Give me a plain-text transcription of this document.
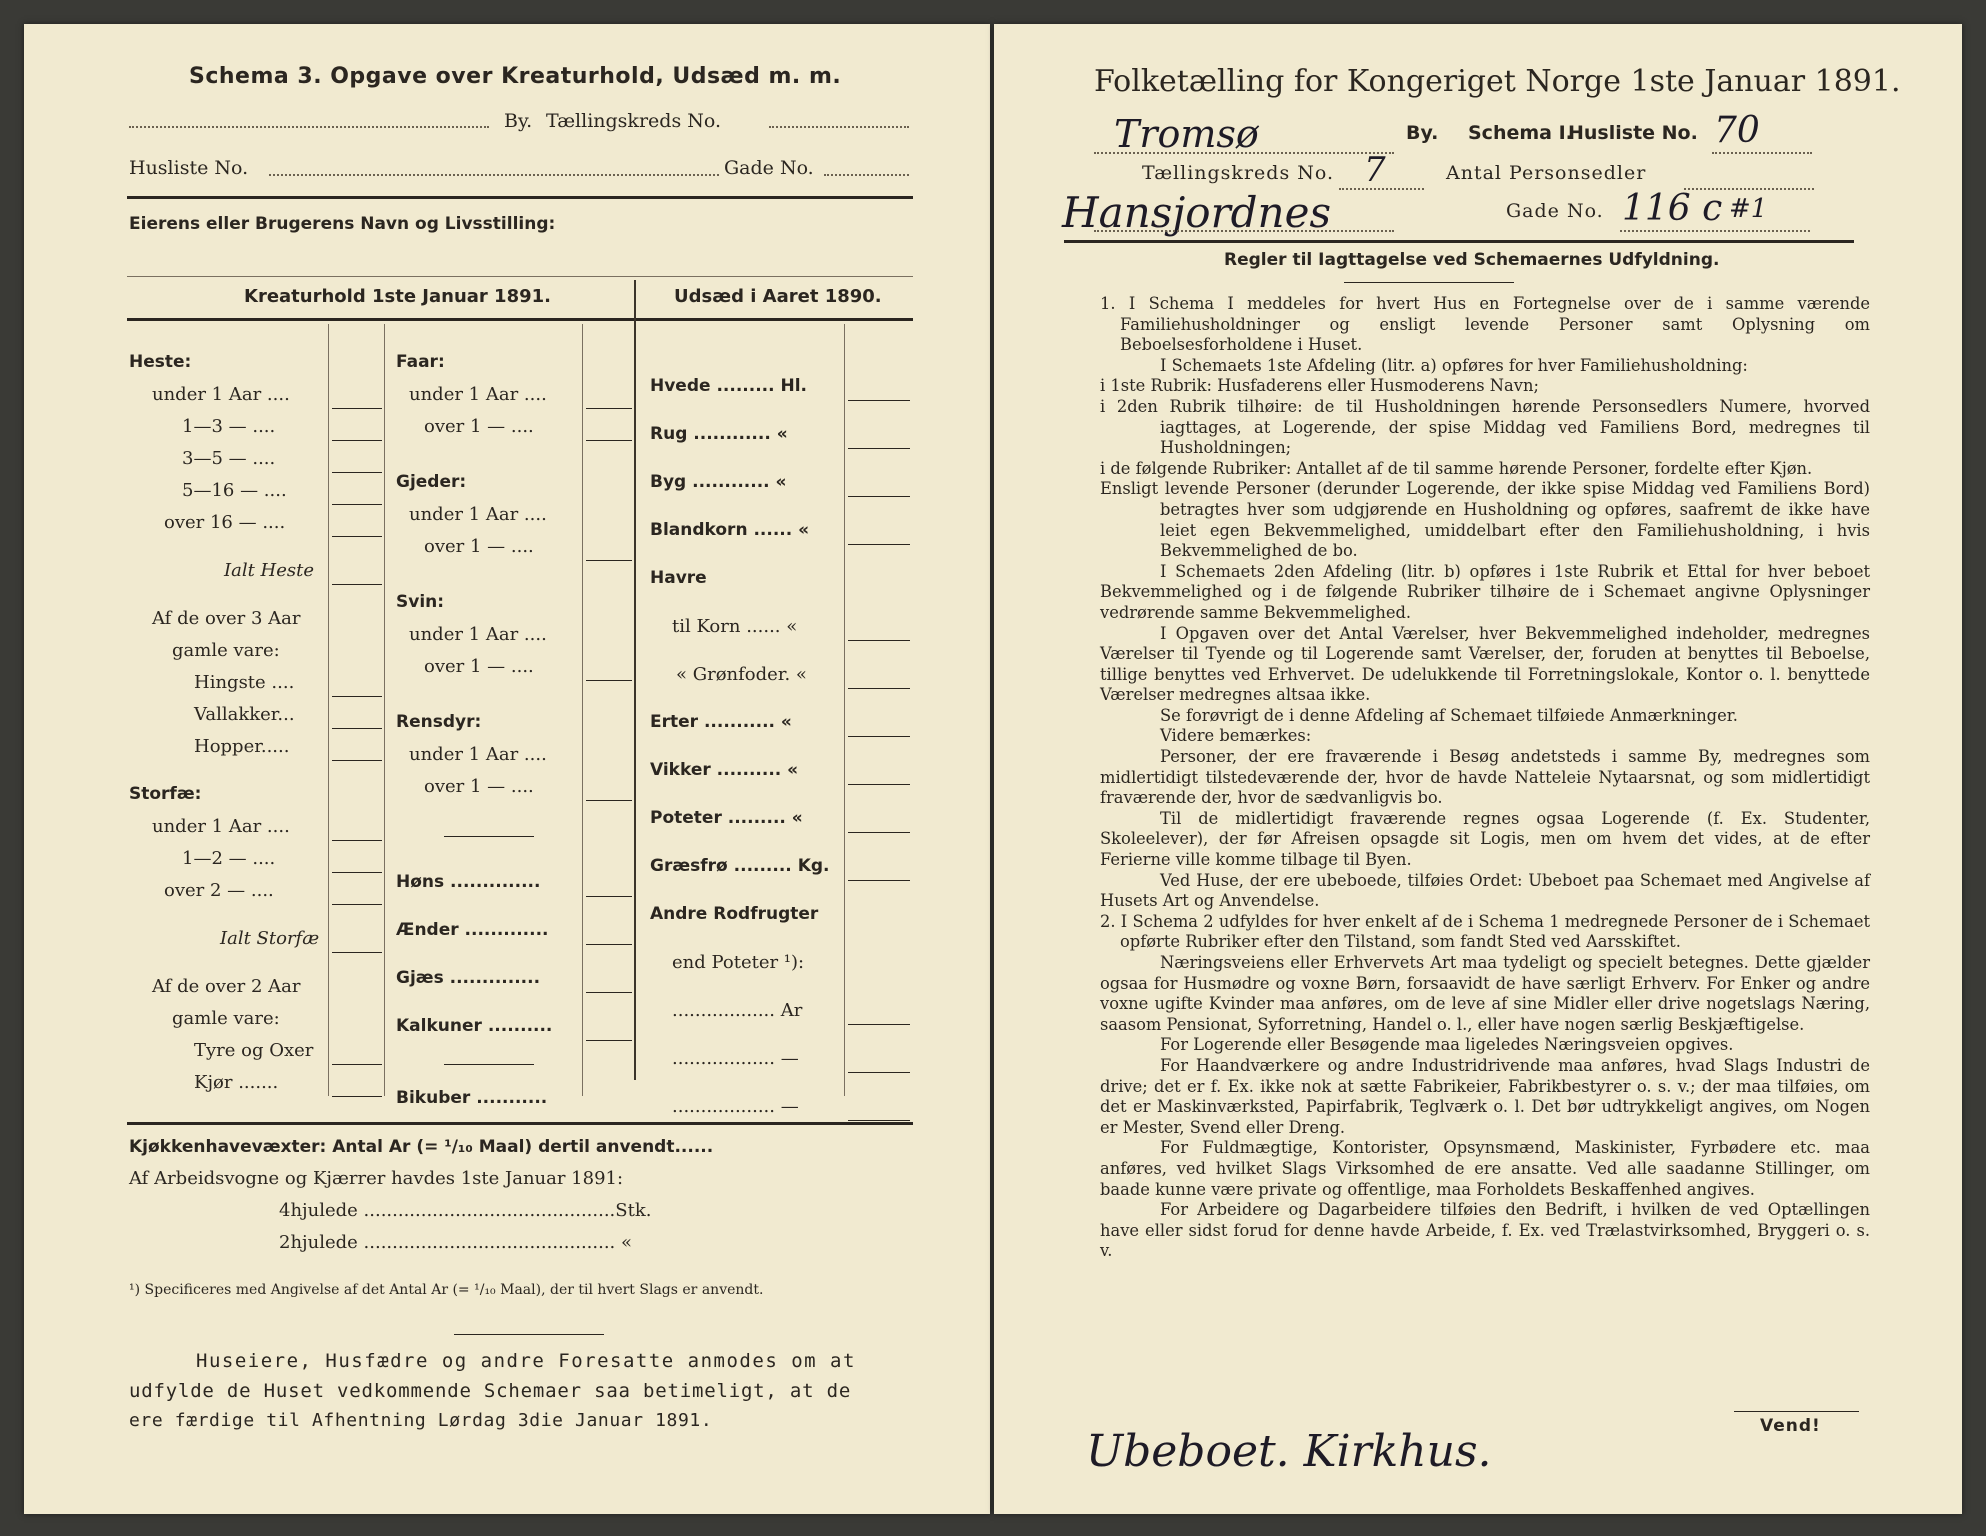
Schema 3. Opgave over Kreaturhold, Udsæd m. m.
By. Tællingskreds No.
Husliste No.	Gade No.
Eierens eller Brugerens Navn og Livsstilling:
Kreaturhold 1ste Januar 1891.	Udsæd i Aaret 1890.
Heste:
under 1 Aar ....
1—3 — ....
3—5 — ....
5—16 — ....
over 16 — ....
Ialt Heste
Af de over 3 Aar
gamle vare:
Hingste ....
Vallakker...
Hopper.....
Storfæ:
under 1 Aar ....
1—2 — ....
over 2 — ....
Ialt Storfæ
Af de over 2 Aar
gamle vare:
Tyre og Oxer
Kjør .......
Faar:
under 1 Aar ....
over 1 — ....
Gjeder:
under 1 Aar ....
over 1 — ....
Svin:
under 1 Aar ....
over 1 — ....
Rensdyr:
under 1 Aar ....
over 1 — ....
Høns ..............
Ænder .............
Gjæs ..............
Kalkuner ..........
Bikuber ...........
Hvede ......... Hl.
Rug ............ «
Byg ............ «
Blandkorn ...... «
Havre
til Korn ...... «
« Grønfoder. «
Erter ........... «
Vikker .......... «
Poteter ......... «
Græsfrø ......... Kg.
Andre Rodfrugter
end Poteter ¹):
.................. Ar
.................. —
.................. —
Kjøkkenhavevæxter: Antal Ar (= ¹/₁₀ Maal) dertil anvendt......
Af Arbeidsvogne og Kjærrer havdes 1ste Januar 1891:
4hjulede ............................................Stk.
2hjulede ............................................ «
¹) Specificeres med Angivelse af det Antal Ar (= ¹/₁₀ Maal), der til hvert Slags er anvendt.
Huseiere, Husfædre og andre Foresatte anmodes om at
udfylde de Huset vedkommende Schemaer saa betimeligt, at de
ere færdige til Afhentning Lørdag 3die Januar 1891.
Folketælling for Kongeriget Norge 1ste Januar 1891.
Tromsø	By. Schema I.
Husliste No. 70
Tællingskreds No. 7	Antal Personsedler
Hansjordnes	Gade No. 116 c #1
Regler til Iagttagelse ved Schemaernes Udfyldning.

1. I Schema I meddeles for hvert Hus en Fortegnelse over de i samme værende Familiehusholdninger og ensligt levende Personer samt Oplysning om Beboelsesforholdene i Huset.

I Schemaets 1ste Afdeling (litr. a) opføres for hver Familiehusholdning:

i 1ste Rubrik: Husfaderens eller Husmoderens Navn;

i 2den Rubrik tilhøire: de til Husholdningen hørende Personsedlers Numere, hvorved iagttages, at Logerende, der spise Middag ved Familiens Bord, medregnes til Husholdningen;

i de følgende Rubriker: Antallet af de til samme hørende Personer, fordelte efter Kjøn.

Ensligt levende Personer (derunder Logerende, der ikke spise Middag ved Familiens Bord) betragtes hver som udgjørende en Husholdning og opføres, saafremt de ikke have leiet egen Bekvemmelighed, umiddelbart efter den Familiehusholdning, i hvis Bekvemmelighed de bo.

I Schemaets 2den Afdeling (litr. b) opføres i 1ste Rubrik et Ettal for hver beboet Bekvemmelighed og i de følgende Rubriker tilhøire de i Schemaet angivne Oplysninger vedrørende samme Bekvemmelighed.

I Opgaven over det Antal Værelser, hver Bekvemmelighed indeholder, medregnes Værelser til Tyende og til Logerende samt Værelser, der, foruden at benyttes til Beboelse, tillige benyttes ved Erhvervet. De udelukkende til Forretningslokale, Kontor o. l. benyttede Værelser medregnes altsaa ikke.

Se forøvrigt de i denne Afdeling af Schemaet tilføiede Anmærkninger.

Videre bemærkes:

Personer, der ere fraværende i Besøg andetsteds i samme By, medregnes som midlertidigt tilstedeværende der, hvor de havde Natteleie Nytaarsnat, og som midlertidigt fraværende der, hvor de sædvanligvis bo.

Til de midlertidigt fraværende regnes ogsaa Logerende (f. Ex. Studenter, Skoleelever), der før Afreisen opsagde sit Logis, men om hvem det vides, at de efter Ferierne ville komme tilbage til Byen.

Ved Huse, der ere ubeboede, tilføies Ordet: Ubeboet paa Schemaet med Angivelse af Husets Art og Anvendelse.

2. I Schema 2 udfyldes for hver enkelt af de i Schema 1 medregnede Personer de i Schemaet opførte Rubriker efter den Tilstand, som fandt Sted ved Aarsskiftet.

Næringsveiens eller Erhvervets Art maa tydeligt og specielt betegnes. Dette gjælder ogsaa for Husmødre og voxne Børn, forsaavidt de have særligt Erhverv. For Enker og andre voxne ugifte Kvinder maa anføres, om de leve af sine Midler eller drive nogetslags Næring, saasom Pensionat, Syforretning, Handel o. l., eller have nogen særlig Beskjæftigelse.

For Logerende eller Besøgende maa ligeledes Næringsveien opgives.

For Haandværkere og andre Industridrivende maa anføres, hvad Slags Industri de drive; det er f. Ex. ikke nok at sætte Fabrikeier, Fabrikbestyrer o. s. v.; der maa tilføies, om det er Maskinværksted, Papirfabrik, Teglværk o. l. Det bør udtrykkeligt angives, om Nogen er Mester, Svend eller Dreng.

For Fuldmægtige, Kontorister, Opsynsmænd, Maskinister, Fyrbødere etc. maa anføres, ved hvilket Slags Virksomhed de ere ansatte. Ved alle saadanne Stillinger, om baade kunne være private og offentlige, maa Forholdets Beskaffenhed angives.

For Arbeidere og Dagarbeidere tilføies den Bedrift, i hvilken de ved Optællingen have eller sidst forud for denne havde Arbeide, f. Ex. ved Trælastvirksomhed, Bryggeri o. s. v.

Vend!
Ubeboet. Kirkhus.
